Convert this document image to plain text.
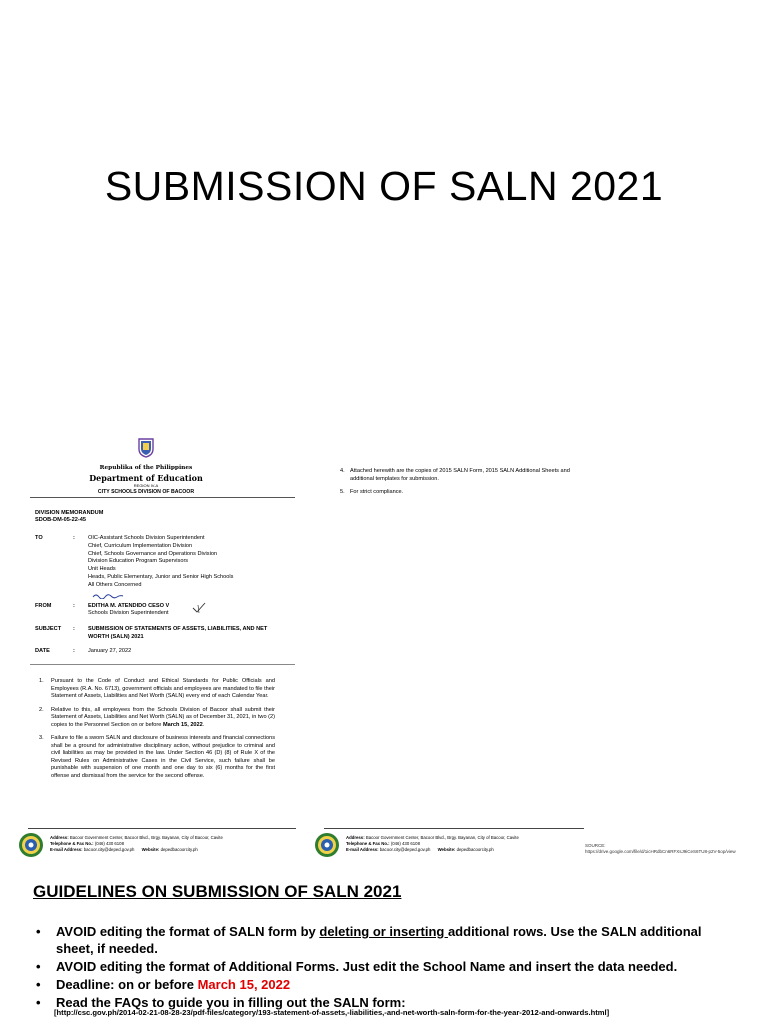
SUBMISSION OF SALN 2021
Republika of the Philippines
Department of Education
REGION IV-A
CITY SCHOOLS DIVISION OF BACOOR
DIVISION MEMORANDUM
SDOB-DM-05-22-45
TO	: OIC-Assistant Schools Division Superintendent
Chief, Curriculum Implementation Division
Chief, Schools Governance and Operations Division
Division Education Program Supervisors
Unit Heads
Heads, Public Elementary, Junior and Senior High Schools
All Others Concerned
FROM	: EDITHA M. ATENDIDO CESO V
Schools Division Superintendent
SUBJECT : SUBMISSION OF STATEMENTS OF ASSETS, LIABILITIES, AND NET WORTH (SALN) 2021
DATE	: January 27, 2022
1.	Pursuant to the Code of Conduct and Ethical Standards for Public Officials and Employees (R.A. No. 6713), government officials and employees are mandated to file their Statement of Assets, Liabilities and Net Worth (SALN) every end of each Calendar Year.
2.	Relative to this, all employees from the Schools Division of Bacoor shall submit their Statement of Assets, Liabilities and Net Worth (SALN) as of December 31, 2021, in two (2) copies to the Personnel Section on or before March 15, 2022.
3.	Failure to file a sworn SALN and disclosure of business interests and financial connections shall be a ground for administrative disciplinary action, without prejudice to criminal and civil liabilities as may be provided in the law. Under Section 46 (D) (8) of Rule X of the Revised Rules on Administrative Cases in the Civil Service, such failure shall be punishable with suspension of one month and one day to six (6) months for the first offense and dismissal from the service for the second offense.
4. Attached herewith are the copies of 2015 SALN Form, 2015 SALN Additional Sheets and additional templates for submission.
5. For strict compliance.
Address: Bacoor Government Center, Bacoor Blvd., Brgy. Bayanan, City of Bacoor, Cavite
Telephone & Fax No.: (046) 430 6108
E-mail Address: bacoor.city@deped.gov.ph Website: depedbacoorcity.ph
Address: Bacoor Government Center, Bacoor Blvd., Brgy. Bayanan, City of Bacoor, Cavite
Telephone & Fax No.: (046) 430 6108
E-mail Address: bacoor.city@deped.gov.ph Website: depedbacoorcity.ph
SOURCE:
https://drive.google.com/file/d/1icHRdbCn6RFXsJ9iCeS6TU8-p2V-5op/view
GUIDELINES ON SUBMISSION OF SALN 2021
•	AVOID editing the format of SALN form by deleting or inserting additional rows. Use the SALN additional sheet, if needed.
•	AVOID editing the format of Additional Forms. Just edit the School Name and insert the data needed.
•	Deadline: on or before March 15, 2022
•	Read the FAQs to guide you in filling out the SALN form:
[http://csc.gov.ph/2014-02-21-08-28-23/pdf-files/category/193-statement-of-assets,-liabilities,-and-net-worth-saln-form-for-the-year-2012-and-onwards.html]
